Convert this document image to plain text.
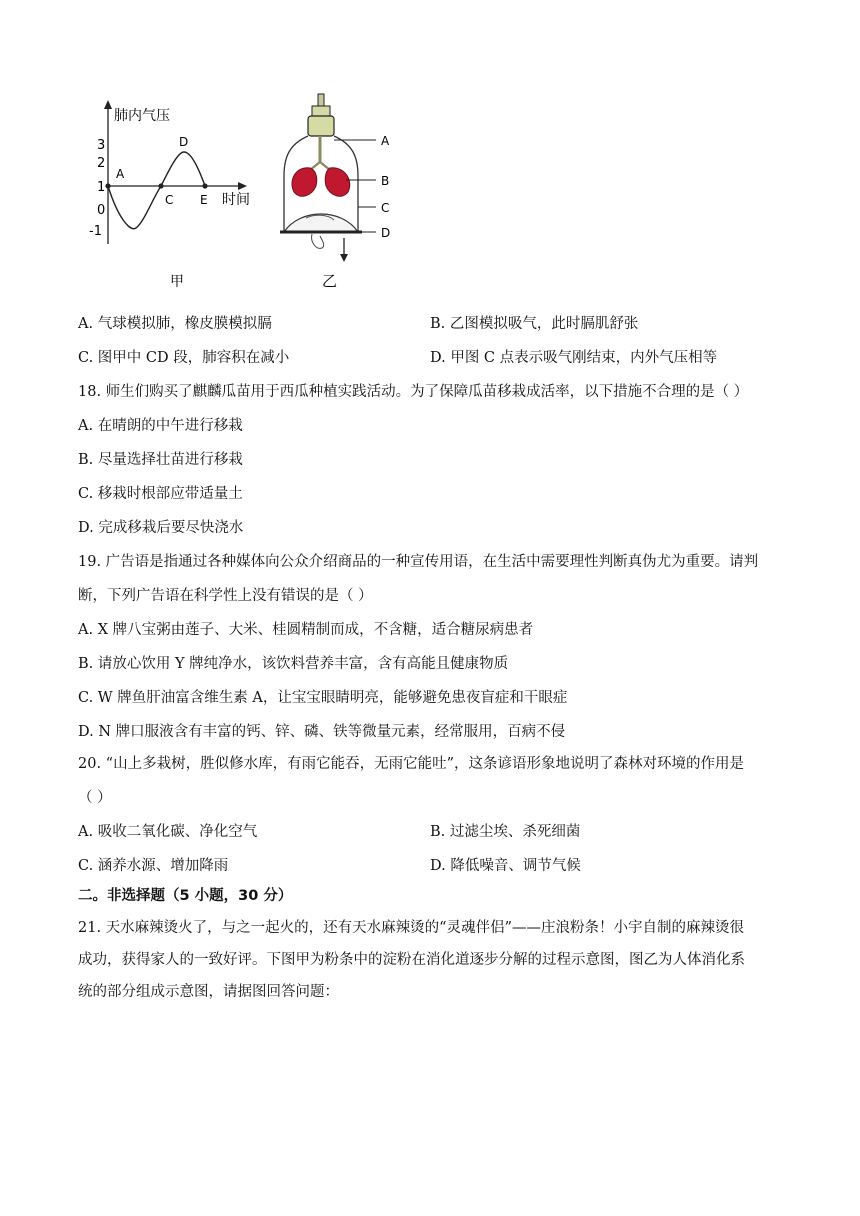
肺内气压
3
2
1
0
-1
A
C
D
E 时间
甲
A
B
C
D
乙
A. 气球模拟肺，橡皮膜模拟膈	B. 乙图模拟吸气，此时膈肌舒张
C. 图甲中 CD 段，肺容积在减小	D. 甲图 C 点表示吸气刚结束，内外气压相等
18. 师生们购买了麒麟瓜苗用于西瓜种植实践活动。为了保障瓜苗移栽成活率，以下措施不合理的是（ ）
A. 在晴朗的中午进行移栽
B. 尽量选择壮苗进行移栽
C. 移栽时根部应带适量土
D. 完成移栽后要尽快浇水
19. 广告语是指通过各种媒体向公众介绍商品的一种宣传用语，在生活中需要理性判断真伪尤为重要。请判
断，下列广告语在科学性上没有错误的是（ ）
A. X 牌八宝粥由莲子、大米、桂圆精制而成，不含糖，适合糖尿病患者
B. 请放心饮用 Y 牌纯净水，该饮料营养丰富，含有高能且健康物质
C. W 牌鱼肝油富含维生素 A，让宝宝眼睛明亮，能够避免患夜盲症和干眼症
D. N 牌口服液含有丰富的钙、锌、磷、铁等微量元素，经常服用，百病不侵
20. “山上多栽树，胜似修水库，有雨它能吞，无雨它能吐”，这条谚语形象地说明了森林对环境的作用是
（ ）
A. 吸收二氧化碳、净化空气	B. 过滤尘埃、杀死细菌
C. 涵养水源、增加降雨	D. 降低噪音、调节气候
二。非选择题（5 小题，30 分）
21. 天水麻辣烫火了，与之一起火的，还有天水麻辣烫的“灵魂伴侣”——庄浪粉条！小宇自制的麻辣烫很
成功，获得家人的一致好评。下图甲为粉条中的淀粉在消化道逐步分解的过程示意图，图乙为人体消化系
统的部分组成示意图，请据图回答问题：
